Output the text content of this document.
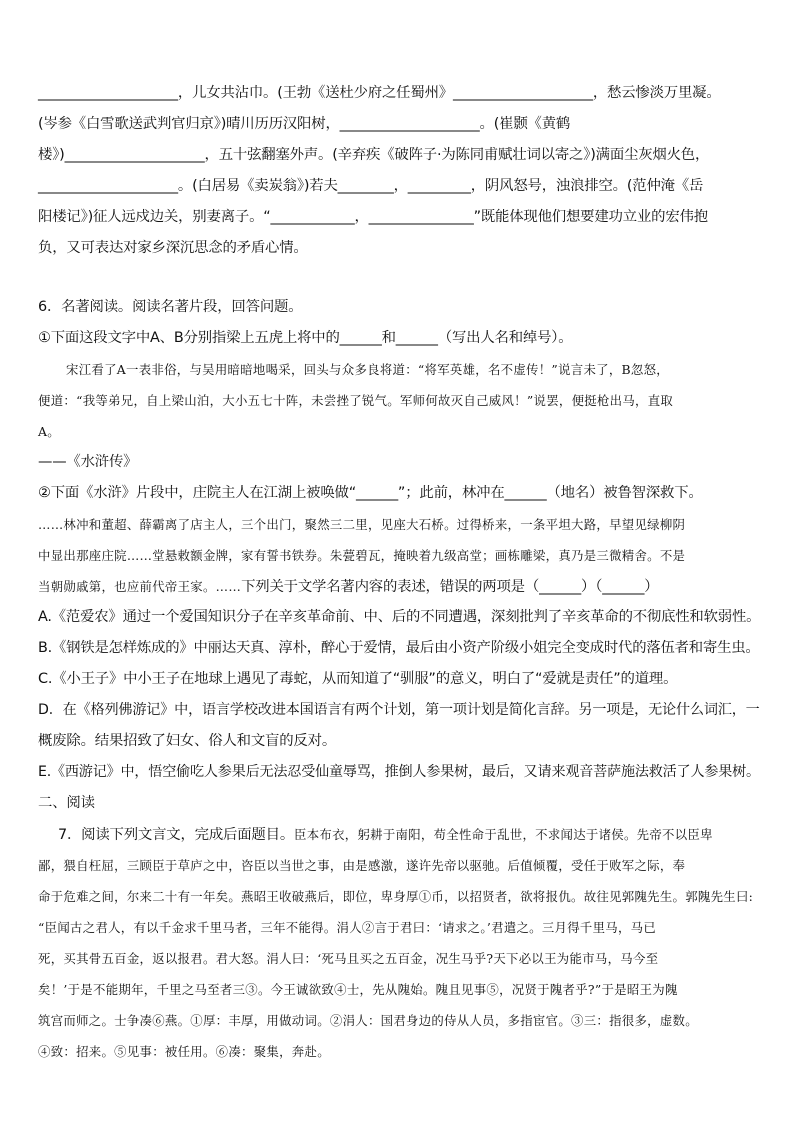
____________________，儿女共沾巾。(王勃《送杜少府之任蜀州》____________________，愁云惨淡万里凝。
(岑参《白雪歌送武判官归京》)晴川历历汉阳树，____________________。(崔颢《黄鹤
楼》)____________________，五十弦翻塞外声。(辛弃疾《破阵子·为陈同甫赋壮词以寄之》)满面尘灰烟火色，
____________________。(白居易《卖炭翁》)若夫________，_________，阴风怒号，浊浪排空。(范仲淹《岳
阳楼记》)征人远戍边关，别妻离子。“____________，_______________”既能体现他们想要建功立业的宏伟抱
负，又可表达对家乡深沉思念的矛盾心情。
6．名著阅读。阅读名著片段，回答问题。
①下面这段文字中A、B分别指梁上五虎上将中的______和______（写出人名和绰号）。
宋江看了A一表非俗，与吴用暗暗地喝采，回头与众多良将道：“将军英雄，名不虚传！”说言未了，B忽怒，
便道：“我等弟兄，自上梁山泊，大小五七十阵，未尝挫了锐气。军师何故灭自己威风！”说罢，便挺枪出马，直取
A。
——《水浒传》
②下面《水浒》片段中，庄院主人在江湖上被唤做“______”；此前，林冲在______（地名）被鲁智深救下。
……林冲和董超、薛霸离了店主人，三个出门，聚然三二里，见座大石桥。过得桥来，一条平坦大路，早望见绿柳阴
中显出那座庄院……堂悬敕额金牌，家有誓书铁券。朱甍碧瓦，掩映着九级高堂；画栋雕梁，真乃是三微精舍。不是
当朝勋戚第，也应前代帝王家。……下列关于文学名著内容的表述，错误的两项是（______）（______）
A.《范爱农》通过一个爱国知识分子在辛亥革命前、中、后的不同遭遇，深刻批判了辛亥革命的不彻底性和软弱性。
B.《钢铁是怎样炼成的》中丽达天真、淳朴，醉心于爱情，最后由小资产阶级小姐完全变成时代的落伍者和寄生虫。
C.《小王子》中小王子在地球上遇见了毒蛇，从而知道了“驯服”的意义，明白了“爱就是责任”的道理。
D．在《格列佛游记》中，语言学校改进本国语言有两个计划，第一项计划是简化言辞。另一项是，无论什么词汇，一
概废除。结果招致了妇女、俗人和文盲的反对。
E.《西游记》中，悟空偷吃人参果后无法忍受仙童辱骂，推倒人参果树，最后，又请来观音菩萨施法救活了人参果树。
二、阅读
7．阅读下列文言文，完成后面题目。臣本布衣，躬耕于南阳，苟全性命于乱世，不求闻达于诸侯。先帝不以臣卑
鄙，猥自枉屈，三顾臣于草庐之中，咨臣以当世之事，由是感激，遂许先帝以驱驰。后值倾覆，受任于败军之际，奉
命于危难之间，尔来二十有一年矣。燕昭王收破燕后，即位，卑身厚①币，以招贤者，欲将报仇。故往见郭隗先生。郭隗先生曰:
“臣闻古之君人，有以千金求千里马者，三年不能得。涓人②言于君曰：‘请求之。’君遣之。三月得千里马，马已
死，买其骨五百金，返以报君。君大怒。涓人曰：‘死马且买之五百金，况生马乎?天下必以王为能市马，马今至
矣！’于是不能期年，千里之马至者三③。今王诚欲致④士，先从隗始。隗且见事⑤，况贤于隗者乎?”于是昭王为隗
筑宫而师之。士争凑⑥燕。①厚：丰厚，用做动词。②涓人：国君身边的侍从人员，多指宦官。③三：指很多，虚数。
④致：招来。⑤见事：被任用。⑥凑：聚集，奔赴。
